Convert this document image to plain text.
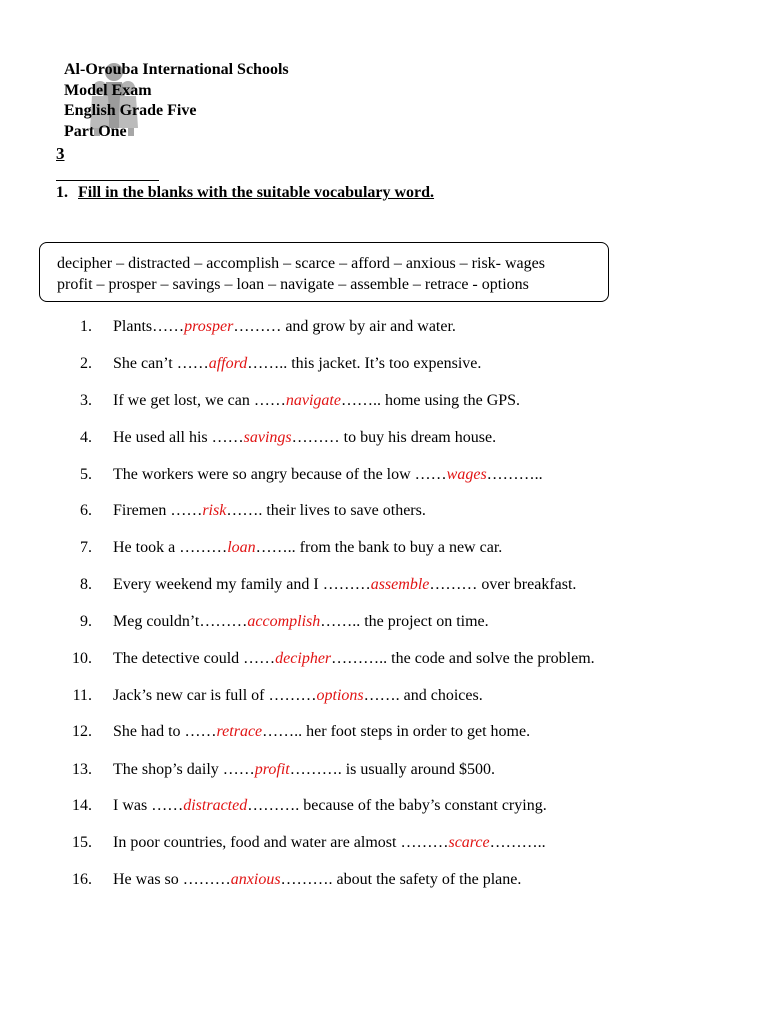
Al-Orouba International Schools
Model Exam
English Grade Five
Part One
3
1. Fill in the blanks with the suitable vocabulary word.
decipher – distracted – accomplish – scarce – afford – anxious – risk- wages
profit – prosper – savings – loan – navigate – assemble – retrace - options
1. Plants……prosper……… and grow by air and water.
2. She can’t ……afford…….. this jacket. It’s too expensive.
3. If we get lost, we can ……navigate…….. home using the GPS.
4. He used all his ……savings……… to buy his dream house.
5. The workers were so angry because of the low ……wages………..
6. Firemen ……risk……. their lives to save others.
7. He took a ………loan…….. from the bank to buy a new car.
8. Every weekend my family and I ………assemble……… over breakfast.
9. Meg couldn’t………accomplish…….. the project on time.
10. The detective could ……decipher……….. the code and solve the problem.
11. Jack’s new car is full of ………options……. and choices.
12. She had to ……retrace…….. her foot steps in order to get home.
13. The shop’s daily ……profit………. is usually around $500.
14. I was ……distracted………. because of the baby’s constant crying.
15. In poor countries, food and water are almost ………scarce………..
16. He was so ………anxious………. about the safety of the plane.
